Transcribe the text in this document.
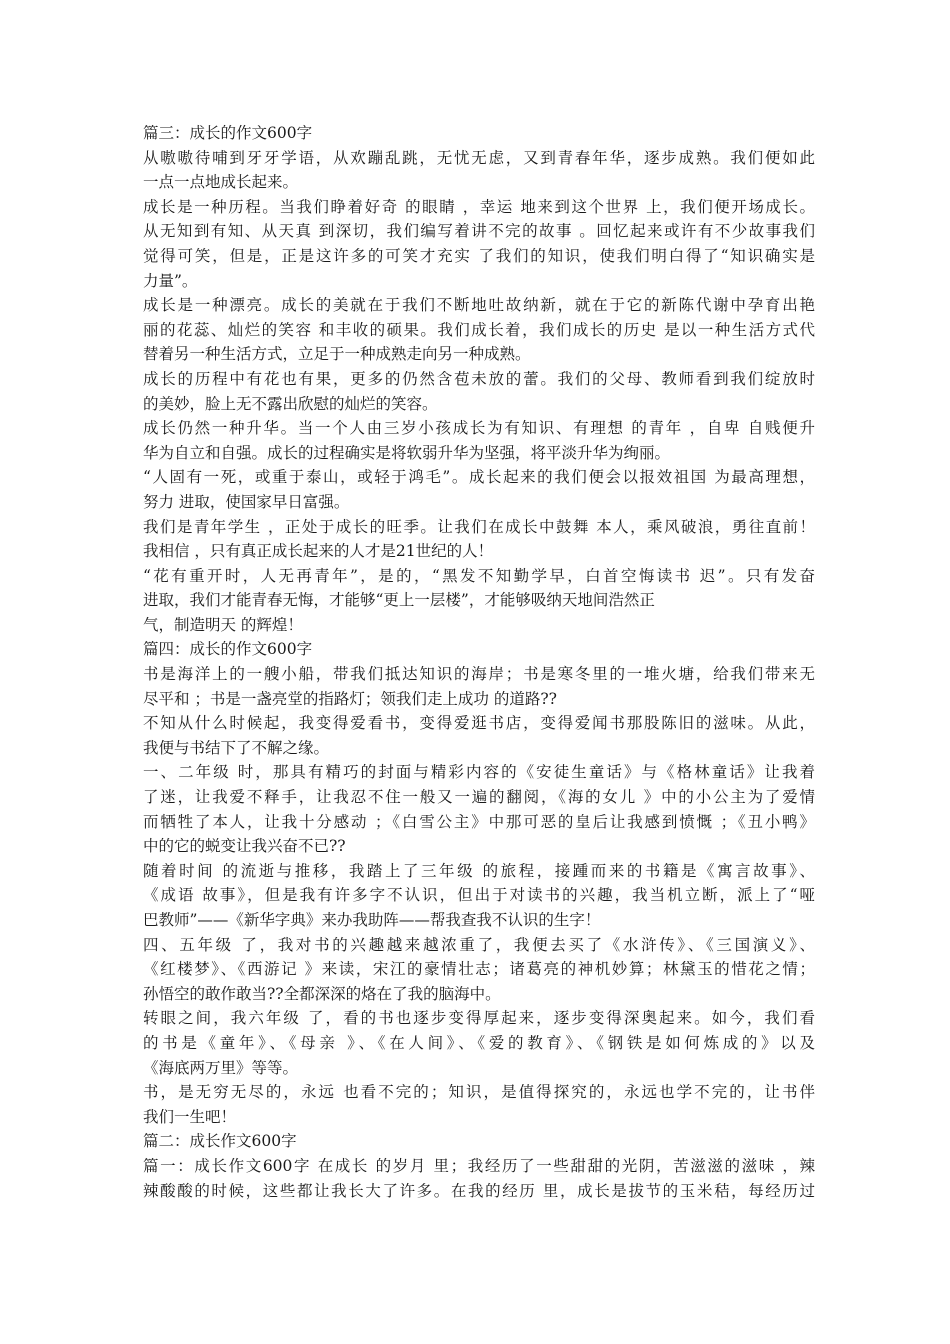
篇三：成长的作文600字
从嗷嗷待哺到牙牙学语，从欢蹦乱跳，无忧无虑，又到青春年华，逐步成熟。我们便如此
一点一点地成长起来。
成长是一种历程。当我们睁着好奇 的眼睛 ，幸运 地来到这个世界 上，我们便开场成长。
从无知到有知、从天真 到深切，我们编写着讲不完的故事 。回忆起来或许有不少故事我们
觉得可笑，但是，正是这许多的可笑才充实 了我们的知识，使我们明白得了“知识确实是
力量”。
成长是一种漂亮。成长的美就在于我们不断地吐故纳新，就在于它的新陈代谢中孕育出艳
丽的花蕊、灿烂的笑容 和丰收的硕果。我们成长着，我们成长的历史 是以一种生活方式代
替着另一种生活方式，立足于一种成熟走向另一种成熟。
成长的历程中有花也有果，更多的仍然含苞未放的蕾。我们的父母、教师看到我们绽放时
的美妙，脸上无不露出欣慰的灿烂的笑容。
成长仍然一种升华。当一个人由三岁小孩成长为有知识、有理想 的青年 ，自卑 自贱便升
华为自立和自强。成长的过程确实是将软弱升华为坚强，将平淡升华为绚丽。
“人固有一死，或重于泰山，或轻于鸿毛”。成长起来的我们便会以报效祖国 为最高理想，
努力 进取，使国家早日富强。
我们是青年学生 ，正处于成长的旺季。让我们在成长中鼓舞 本人，乘风破浪，勇往直前！
我相信 ，只有真正成长起来的人才是21世纪的人！
“花有重开时，人无再青年”，是的，“黑发不知勤学早，白首空悔读书 迟”。只有发奋
进取，我们才能青春无悔，才能够“更上一层楼”，才能够吸纳天地间浩然正
气，制造明天 的辉煌！
篇四：成长的作文600字
书是海洋上的一艘小船，带我们抵达知识的海岸；书是寒冬里的一堆火塘，给我们带来无
尽平和 ；书是一盏亮堂的指路灯；领我们走上成功 的道路??
不知从什么时候起，我变得爱看书，变得爱逛书店，变得爱闻书那股陈旧的滋味。从此，
我便与书结下了不解之缘。
一、二年级 时，那具有精巧的封面与精彩内容的《安徒生童话》与《格林童话》让我着
了迷，让我爱不释手，让我忍不住一般又一遍的翻阅，《海的女儿 》中的小公主为了爱情
而牺牲了本人，让我十分感动 ；《白雪公主》中那可恶的皇后让我感到愤慨 ；《丑小鸭》
中的它的蜕变让我兴奋不已??
随着时间 的流逝与推移，我踏上了三年级 的旅程，接踵而来的书籍是《寓言故事》、
《成语 故事》，但是我有许多字不认识，但出于对读书的兴趣，我当机立断，派上了“哑
巴教师”——《新华字典》来办我助阵——帮我查我不认识的生字！
四、五年级 了，我对书的兴趣越来越浓重了，我便去买了《水浒传》、《三国演义》、
《红楼梦》、《西游记 》来读，宋江的豪情壮志；诸葛亮的神机妙算；林黛玉的惜花之情；
孙悟空的敢作敢当??全都深深的烙在了我的脑海中。
转眼之间，我六年级 了，看的书也逐步变得厚起来，逐步变得深奥起来。如今，我们看
的书是《童年》、《母亲 》、《在人间》、《爱的教育》、《钢铁是如何炼成的》以及
《海底两万里》等等。
书，是无穷无尽的，永远 也看不完的；知识，是值得探究的，永远也学不完的，让书伴
我们一生吧！
篇二：成长作文600字
篇一：成长作文600字 在成长 的岁月 里；我经历了一些甜甜的光阴，苦滋滋的滋味 ，辣
辣酸酸的时候，这些都让我长大了许多。在我的经历 里，成长是拔节的玉米秸，每经历过
